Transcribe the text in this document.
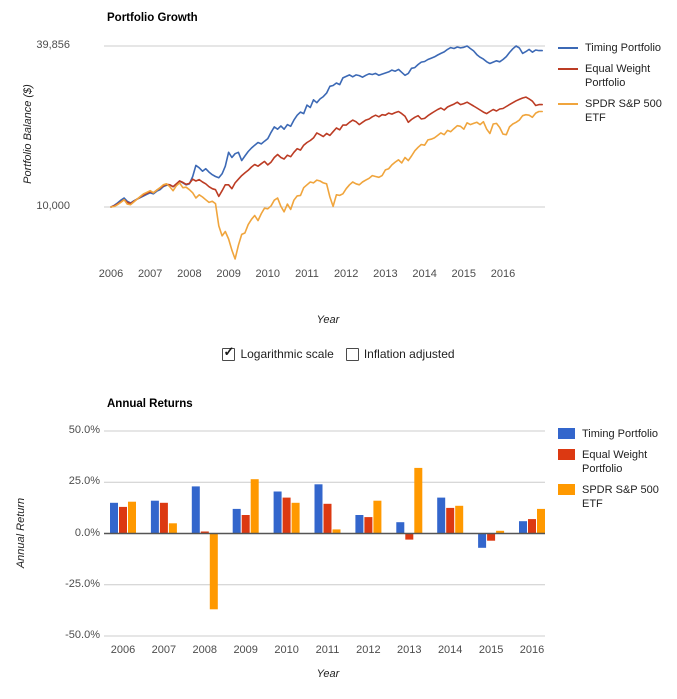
Portfolio Growth
Portfolio Balance ($)
39,856
10,000
2006	2007	2008	2009	2010	2011	2012	2013	2014	2015	2016
Year
Timing Portfolio
Equal Weight Portfolio
SPDR S&P 500 ETF
✓ Logarithmic scale	Inflation adjusted
Annual Returns
Annual Return
50.0%
25.0%
0.0%
-25.0%
-50.0%
2006	2007	2008	2009	2010	2011	2012	2013	2014	2015	2016
Year
Timing Portfolio
Equal Weight Portfolio
SPDR S&P 500 ETF
